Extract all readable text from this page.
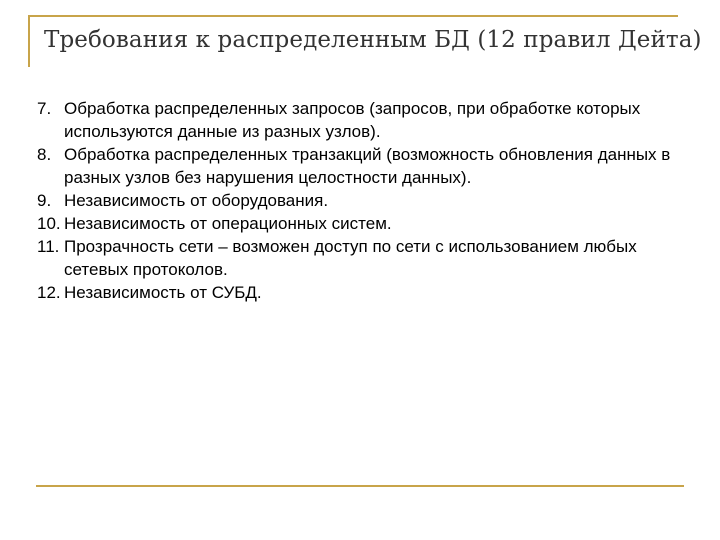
Требования к распределенным БД (12 правил Дейта)
7. Обработка распределенных запросов (запросов, при обработке которых используются данные из разных узлов).
8. Обработка распределенных транзакций (возможность обновления данных в разных узлов без нарушения целостности данных).
9. Независимость от оборудования.
10. Независимость от операционных систем.
11. Прозрачность сети – возможен доступ по сети с использованием любых сетевых протоколов.
12. Независимость от СУБД.
